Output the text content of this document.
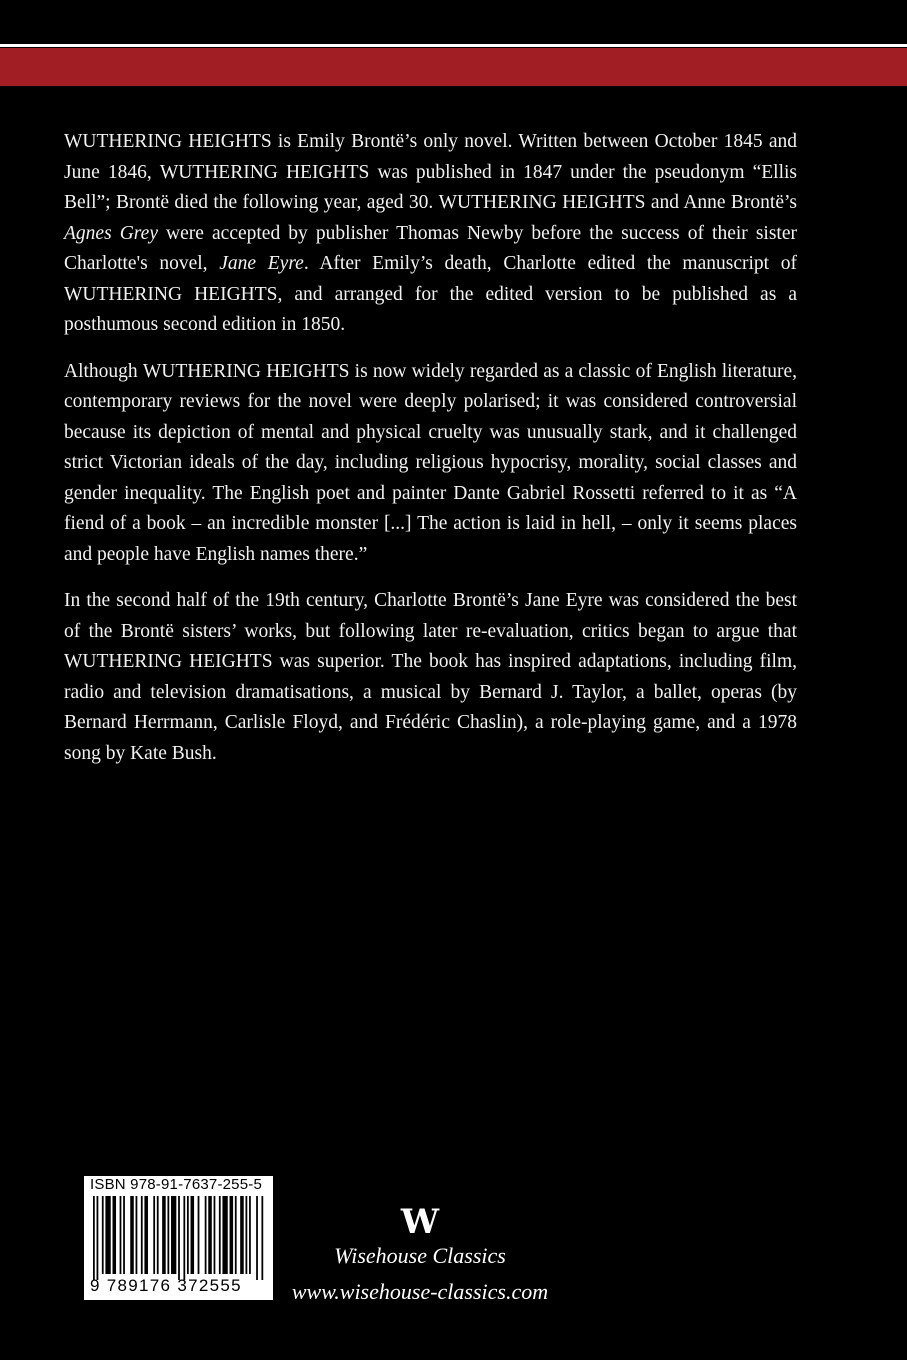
WUTHERING HEIGHTS is Emily Brontë’s only novel. Written between October 1845 and June 1846, WUTHERING HEIGHTS was published in 1847 under the pseudonym “Ellis Bell”; Brontë died the following year, aged 30. WUTHERING HEIGHTS and Anne Brontë’s Agnes Grey were accepted by publisher Thomas Newby before the success of their sister Charlotte's novel, Jane Eyre. After Emily’s death, Charlotte edited the manuscript of WUTHERING HEIGHTS, and arranged for the edited version to be published as a posthumous second edition in 1850.

Although WUTHERING HEIGHTS is now widely regarded as a classic of English literature, contemporary reviews for the novel were deeply polarised; it was considered controversial because its depiction of mental and physical cruelty was unusually stark, and it challenged strict Victorian ideals of the day, including religious hypocrisy, morality, social classes and gender inequality. The English poet and painter Dante Gabriel Rossetti referred to it as “A fiend of a book – an incredible monster [...] The action is laid in hell, – only it seems places and people have English names there.”

In the second half of the 19th century, Charlotte Brontë’s Jane Eyre was considered the best of the Brontë sisters’ works, but following later re-evaluation, critics began to argue that WUTHERING HEIGHTS was superior. The book has inspired adaptations, including film, radio and television dramatisations, a musical by Bernard J. Taylor, a ballet, operas (by Bernard Herrmann, Carlisle Floyd, and Frédéric Chaslin), a role-playing game, and a 1978 song by Kate Bush.

ISBN 978-91-7637-255-5
9 789176 372555
W
Wisehouse Classics
www.wisehouse-classics.com
